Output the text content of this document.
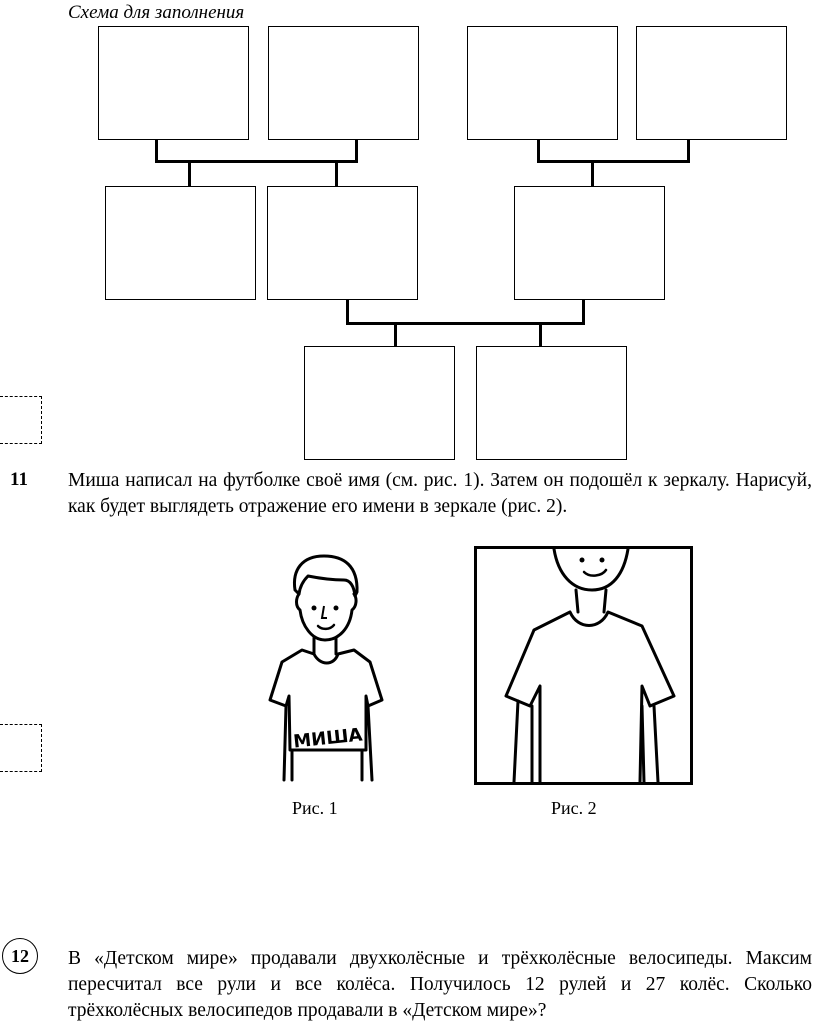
Схема для заполнения
11 Миша написал на футболке своё имя (см. рис. 1). Затем он подошёл к зеркалу. Нарисуй, как будет выглядеть отражение его имени в зеркале (рис. 2).
МИША
Рис. 1	Рис. 2
12	В «Детском мире» продавали двухколёсные и трёхколёсные велосипеды. Максим пересчитал все рули и все колёса. Получилось 12 рулей и 27 колёс. Сколько трёхколёсных велосипедов продавали в «Детском мире»?
